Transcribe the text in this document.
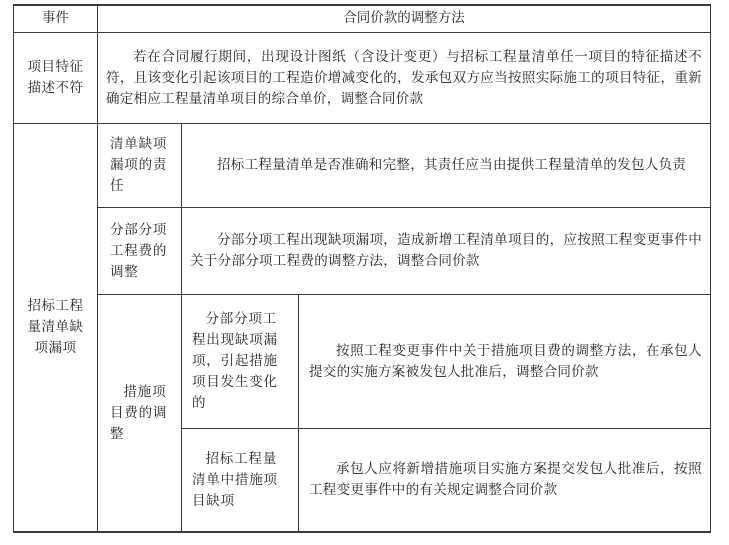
事件	合同价款的调整方法
项目特征描述不符
若在合同履行期间，出现设计图纸（含设计变更）与招标工程量清单任一项目的特征描述不符，且该变化引起该项目的工程造价增减变化的，发承包双方应当按照实际施工的项目特征，重新确定相应工程量清单项目的综合单价，调整合同价款
招标工程量清单缺项漏项
清单缺项漏项的责任
招标工程量清单是否准确和完整，其责任应当由提供工程量清单的发包人负责
分部分项工程费的调整
分部分项工程出现缺项漏项，造成新增工程清单项目的，应按照工程变更事件中关于分部分项工程费的调整方法，调整合同价款
措施项目费的调整
分部分项工程出现缺项漏项，引起措施项目发生变化的
按照工程变更事件中关于措施项目费的调整方法，在承包人提交的实施方案被发包人批准后，调整合同价款
招标工程量清单中措施项目缺项
承包人应将新增措施项目实施方案提交发包人批准后，按照工程变更事件中的有关规定调整合同价款
